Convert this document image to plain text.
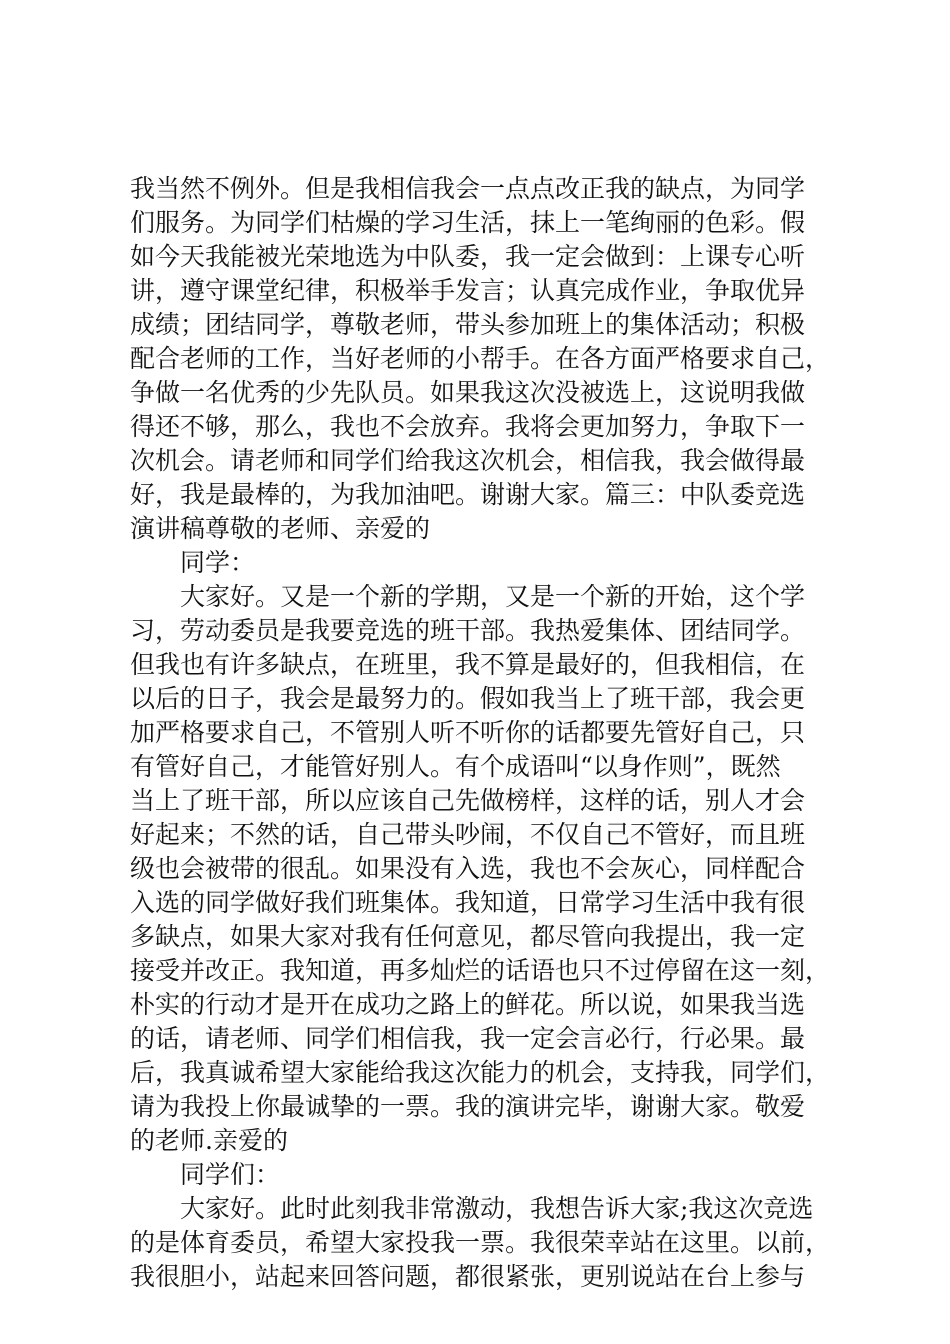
我当然不例外。但是我相信我会一点点改正我的缺点，为同学
们服务。为同学们枯燥的学习生活，抹上一笔绚丽的色彩。假
如今天我能被光荣地选为中队委，我一定会做到：上课专心听
讲，遵守课堂纪律，积极举手发言；认真完成作业，争取优异
成绩；团结同学，尊敬老师，带头参加班上的集体活动；积极
配合老师的工作，当好老师的小帮手。在各方面严格要求自己，
争做一名优秀的少先队员。如果我这次没被选上，这说明我做
得还不够，那么，我也不会放弃。我将会更加努力，争取下一
次机会。请老师和同学们给我这次机会，相信我，我会做得最
好，我是最棒的，为我加油吧。谢谢大家。篇三：中队委竞选
演讲稿尊敬的老师、亲爱的
同学：
大家好。又是一个新的学期，又是一个新的开始，这个学
习，劳动委员是我要竞选的班干部。我热爱集体、团结同学。
但我也有许多缺点，在班里，我不算是最好的，但我相信，在
以后的日子，我会是最努力的。假如我当上了班干部，我会更
加严格要求自己，不管别人听不听你的话都要先管好自己，只
有管好自己，才能管好别人。有个成语叫“以身作则”，既然
当上了班干部，所以应该自己先做榜样，这样的话，别人才会
好起来；不然的话，自己带头吵闹，不仅自己不管好，而且班
级也会被带的很乱。如果没有入选，我也不会灰心，同样配合
入选的同学做好我们班集体。我知道，日常学习生活中我有很
多缺点，如果大家对我有任何意见，都尽管向我提出，我一定
接受并改正。我知道，再多灿烂的话语也只不过停留在这一刻，
朴实的行动才是开在成功之路上的鲜花。所以说，如果我当选
的话，请老师、同学们相信我，我一定会言必行，行必果。最
后，我真诚希望大家能给我这次能力的机会，支持我，同学们，
请为我投上你最诚挚的一票。我的演讲完毕，谢谢大家。敬爱
的老师.亲爱的
同学们：
大家好。此时此刻我非常激动，我想告诉大家;我这次竞选
的是体育委员，希望大家投我一票。我很荣幸站在这里。以前，
我很胆小，站起来回答问题，都很紧张，更别说站在台上参与
